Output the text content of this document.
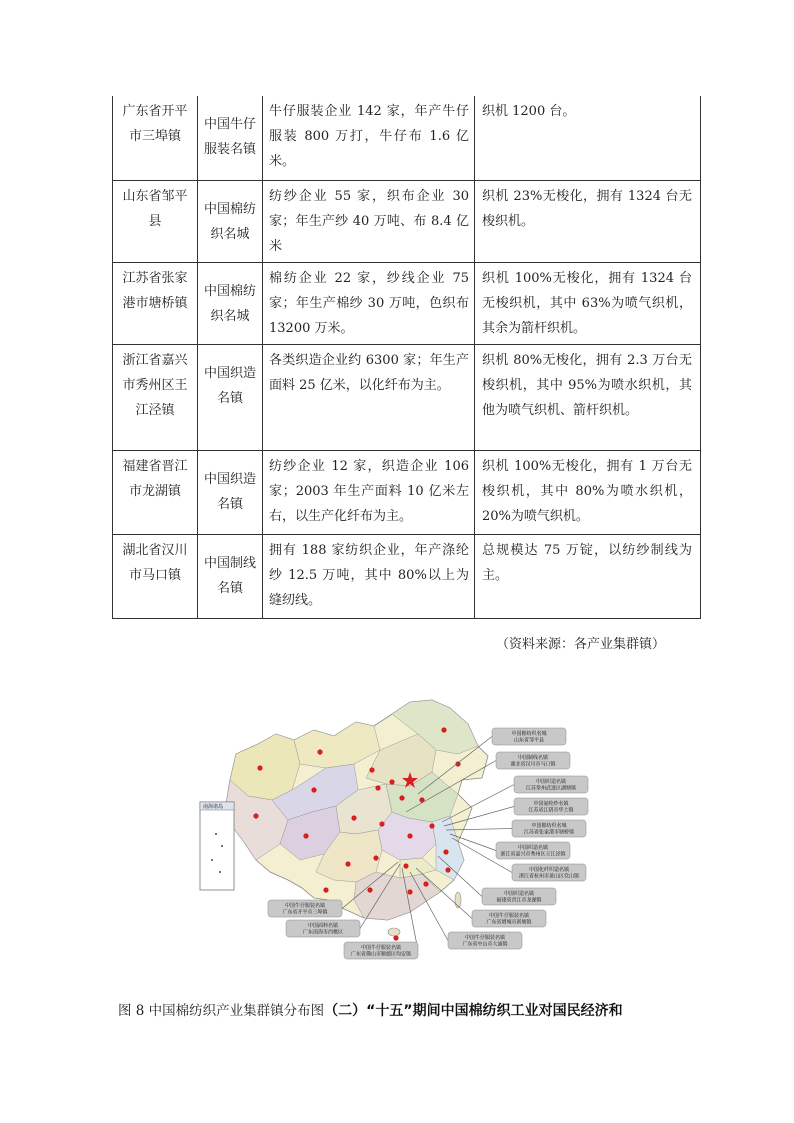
广东省开平市三埠镇	中国牛仔服装名镇	牛仔服装企业 142 家，年产牛仔服装 800 万打，牛仔布 1.6 亿米。	织机 1200 台。
山东省邹平县	中国棉纺织名城	纺纱企业 55 家，织布企业 30 家；年生产纱 40 万吨、布 8.4 亿米	织机 23%无梭化，拥有 1324 台无梭织机。
江苏省张家港市塘桥镇	中国棉纺织名城	棉纺企业 22 家，纱线企业 75 家；年生产棉纱 30 万吨，色织布 13200 万米。	织机 100%无梭化，拥有 1324 台无梭织机，其中 63%为喷气织机，其余为箭杆织机。
浙江省嘉兴市秀州区王江泾镇	中国织造名镇	各类织造企业约 6300 家；年生产面料 25 亿米，以化纤布为主。	织机 80%无梭化，拥有 2.3 万台无梭织机，其中 95%为喷水织机，其他为喷气织机、箭杆织机。
福建省晋江市龙湖镇	中国织造名镇	纺纱企业 12 家，织造企业 106 家；2003 年生产面料 10 亿米左右，以生产化纤布为主。	织机 100%无梭化，拥有 1 万台无梭织机，其中 80%为喷水织机，20%为喷气织机。
湖北省汉川市马口镇	中国制线名镇	拥有 188 家纺织企业，年产涤纶纱 12.5 万吨，其中 80%以上为缝纫线。	总规模达 75 万锭，以纺纱制线为主。
（资料来源：各产业集群镇）
南海诸岛
中国棉纺织名城
山东省邹平县
中国制线名镇
湖北省汉川市马口镇
中国织造名镇
江苏常州武进区湖塘镇
中国氨纶纱名镇
江苏省江阴市华士镇
中国棉纺织名城
江苏省张家港市塘桥镇
中国织造名镇
浙江省嘉兴市秀州区王江泾镇
中国化纤织造名镇
浙江省杭州市萧山区党山镇
中国织造名镇
福建省晋江市龙湖镇
中国牛仔服装名镇
广东省增城市新塘镇
中国牛仔服装名镇
广东省中山市大涌镇
中国牛仔服装名镇
广东省佛山市顺德区均安镇
中国面料名镇
广东南海市西樵区
中国牛仔服装名镇
广东省开平市三埠镇
图 8 中国棉纺织产业集群镇分布图（二）“十五”期间中国棉纺织工业对国民经济和
